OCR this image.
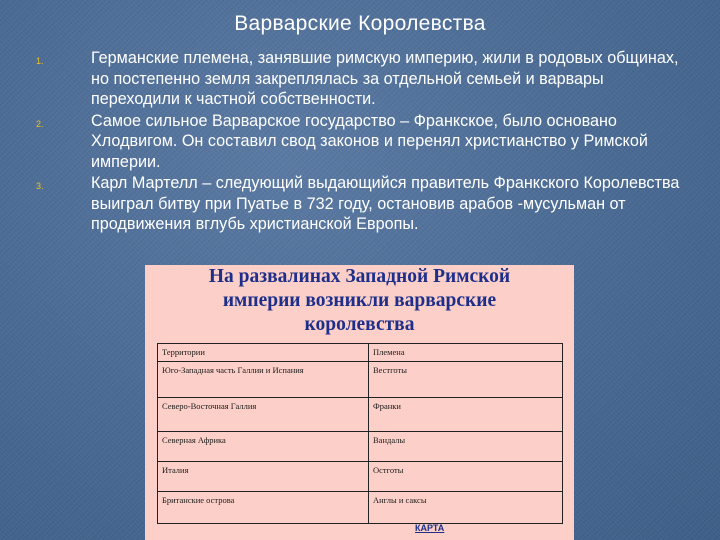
Варварские Королевства
1.	Германские племена, занявшие римскую империю, жили в родовых общинах, но постепенно земля закреплялась за отдельной семьей и варвары переходили к частной собственности.
2.	Самое сильное Варварское государство – Франкское, было основано Хлодвигом. Он составил свод законов и перенял христианство у Римской империи.
3.	Карл Мартелл – следующий выдающийся правитель Франкского Королевства выиграл битву при Пуатье в 732 году, остановив арабов -мусульман от продвижения вглубь христианской Европы.
На развалинах Западной Римской
империи возникли варварские
королевства
Территории	Племена
Юго-Западная часть Галлии и Испания	Вестготы
Северо-Восточная Галлия	Франки
Северная Африка	Вандалы
Италия	Остготы
Британские острова	Англы и саксы
КАРТА
